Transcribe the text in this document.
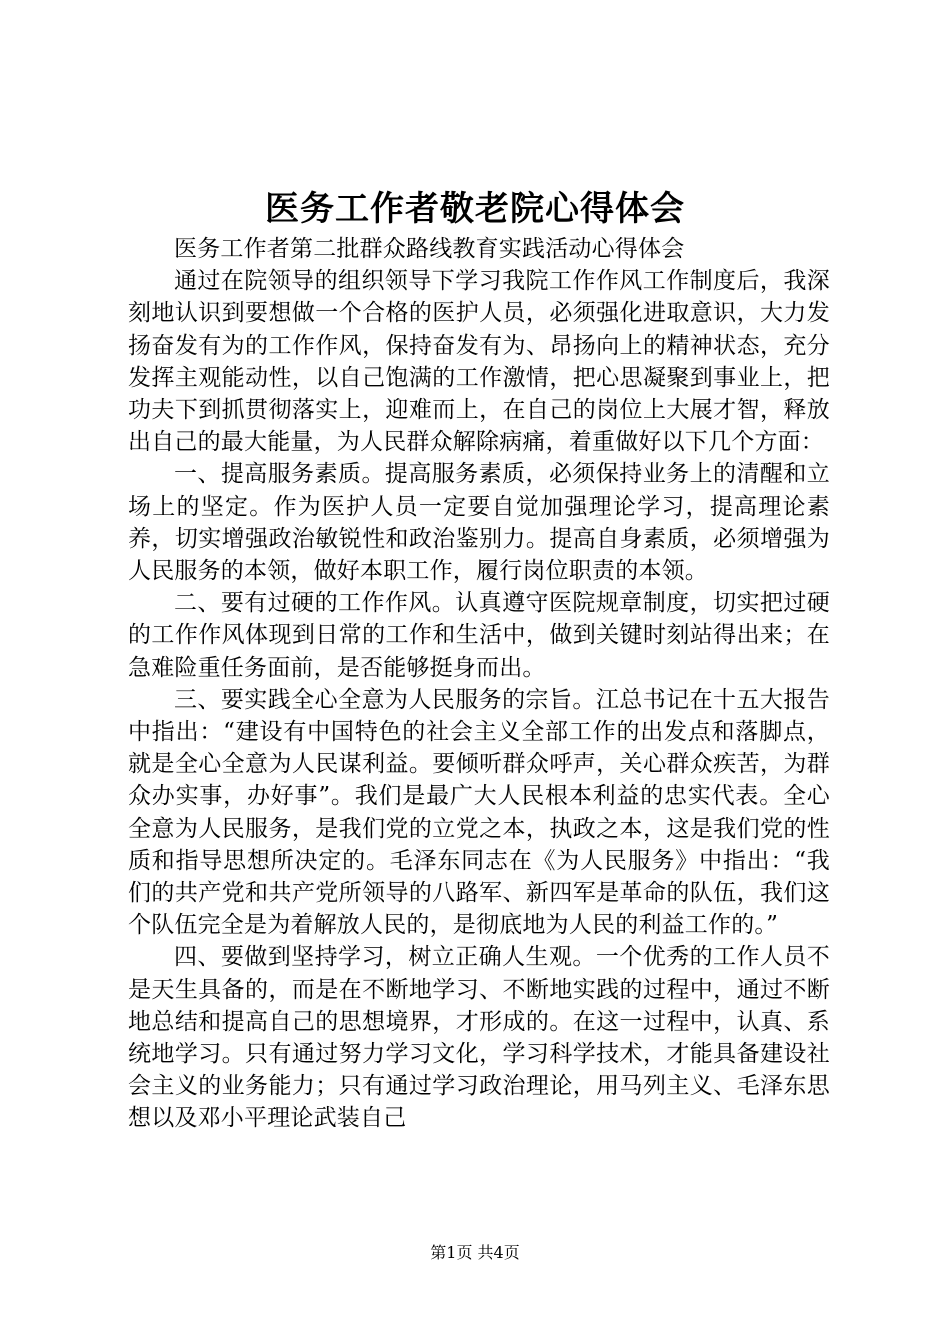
医务工作者敬老院心得体会

医务工作者第二批群众路线教育实践活动心得体会

通过在院领导的组织领导下学习我院工作作风工作制度后，我深刻地认识到要想做一个合格的医护人员，必须强化进取意识，大力发扬奋发有为的工作作风，保持奋发有为、昂扬向上的精神状态，充分发挥主观能动性，以自己饱满的工作激情，把心思凝聚到事业上，把功夫下到抓贯彻落实上，迎难而上，在自己的岗位上大展才智，释放出自己的最大能量，为人民群众解除病痛，着重做好以下几个方面：

一、提高服务素质。提高服务素质，必须保持业务上的清醒和立场上的坚定。作为医护人员一定要自觉加强理论学习，提高理论素养，切实增强政治敏锐性和政治鉴别力。提高自身素质，必须增强为人民服务的本领，做好本职工作，履行岗位职责的本领。

二、要有过硬的工作作风。认真遵守医院规章制度，切实把过硬的工作作风体现到日常的工作和生活中，做到关键时刻站得出来；在急难险重任务面前，是否能够挺身而出。

三、要实践全心全意为人民服务的宗旨。江总书记在十五大报告中指出：“建设有中国特色的社会主义全部工作的出发点和落脚点，就是全心全意为人民谋利益。要倾听群众呼声，关心群众疾苦，为群众办实事，办好事”。我们是最广大人民根本利益的忠实代表。全心全意为人民服务，是我们党的立党之本，执政之本，这是我们党的性质和指导思想所决定的。毛泽东同志在《为人民服务》中指出：“我们的共产党和共产党所领导的八路军、新四军是革命的队伍，我们这个队伍完全是为着解放人民的，是彻底地为人民的利益工作的。”

四、要做到坚持学习，树立正确人生观。一个优秀的工作人员不是天生具备的，而是在不断地学习、不断地实践的过程中，通过不断地总结和提高自己的思想境界，才形成的。在这一过程中，认真、系统地学习。只有通过努力学习文化，学习科学技术，才能具备建设社会主义的业务能力；只有通过学习政治理论，用马列主义、毛泽东思想以及邓小平理论武装自己

第1页 共4页
